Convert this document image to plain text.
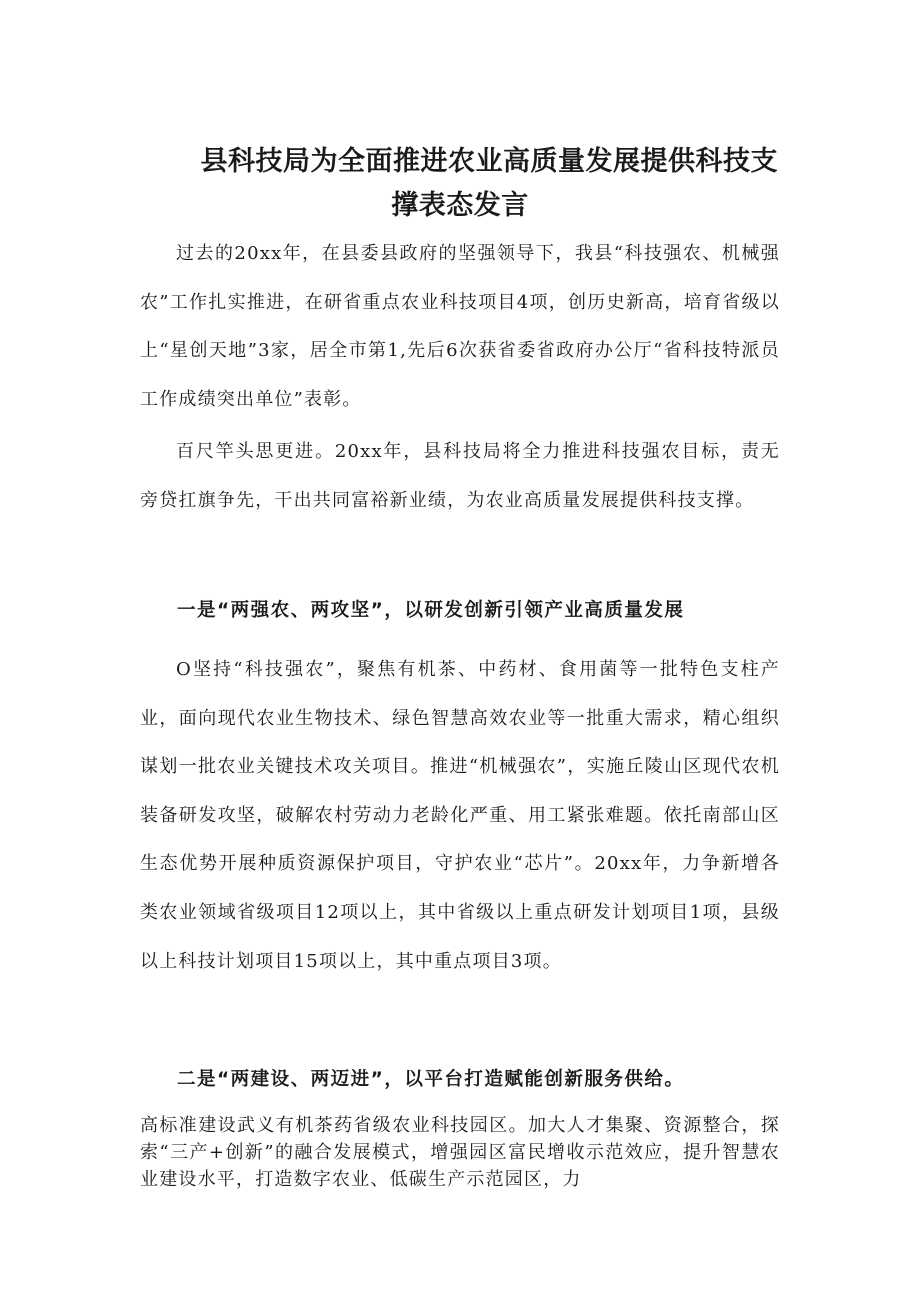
县科技局为全面推进农业高质量发展提供科技支
撑表态发言

过去的20xx年，在县委县政府的坚强领导下，我县“科技强农、机械强农”工作扎实推进，在研省重点农业科技项目4项，创历史新高，培育省级以上“星创天地”3家，居全市第1,先后6次获省委省政府办公厅“省科技特派员工作成绩突出单位”表彰。

百尺竿头思更进。20xx年，县科技局将全力推进科技强农目标，责无旁贷扛旗争先，干出共同富裕新业绩，为农业高质量发展提供科技支撑。

一是“两强农、两攻坚”，以研发创新引领产业高质量发展

O坚持“科技强农”，聚焦有机茶、中药材、食用菌等一批特色支柱产业，面向现代农业生物技术、绿色智慧高效农业等一批重大需求，精心组织谋划一批农业关键技术攻关项目。推进“机械强农”，实施丘陵山区现代农机装备研发攻坚，破解农村劳动力老龄化严重、用工紧张难题。依托南部山区生态优势开展种质资源保护项目，守护农业“芯片”。20xx年，力争新增各类农业领域省级项目12项以上，其中省级以上重点研发计划项目1项，县级以上科技计划项目15项以上，其中重点项目3项。

二是“两建设、两迈进”，以平台打造赋能创新服务供给。

高标准建设武义有机茶药省级农业科技园区。加大人才集聚、资源整合，探索“三产+创新”的融合发展模式，增强园区富民增收示范效应，提升智慧农业建设水平，打造数字农业、低碳生产示范园区，力
